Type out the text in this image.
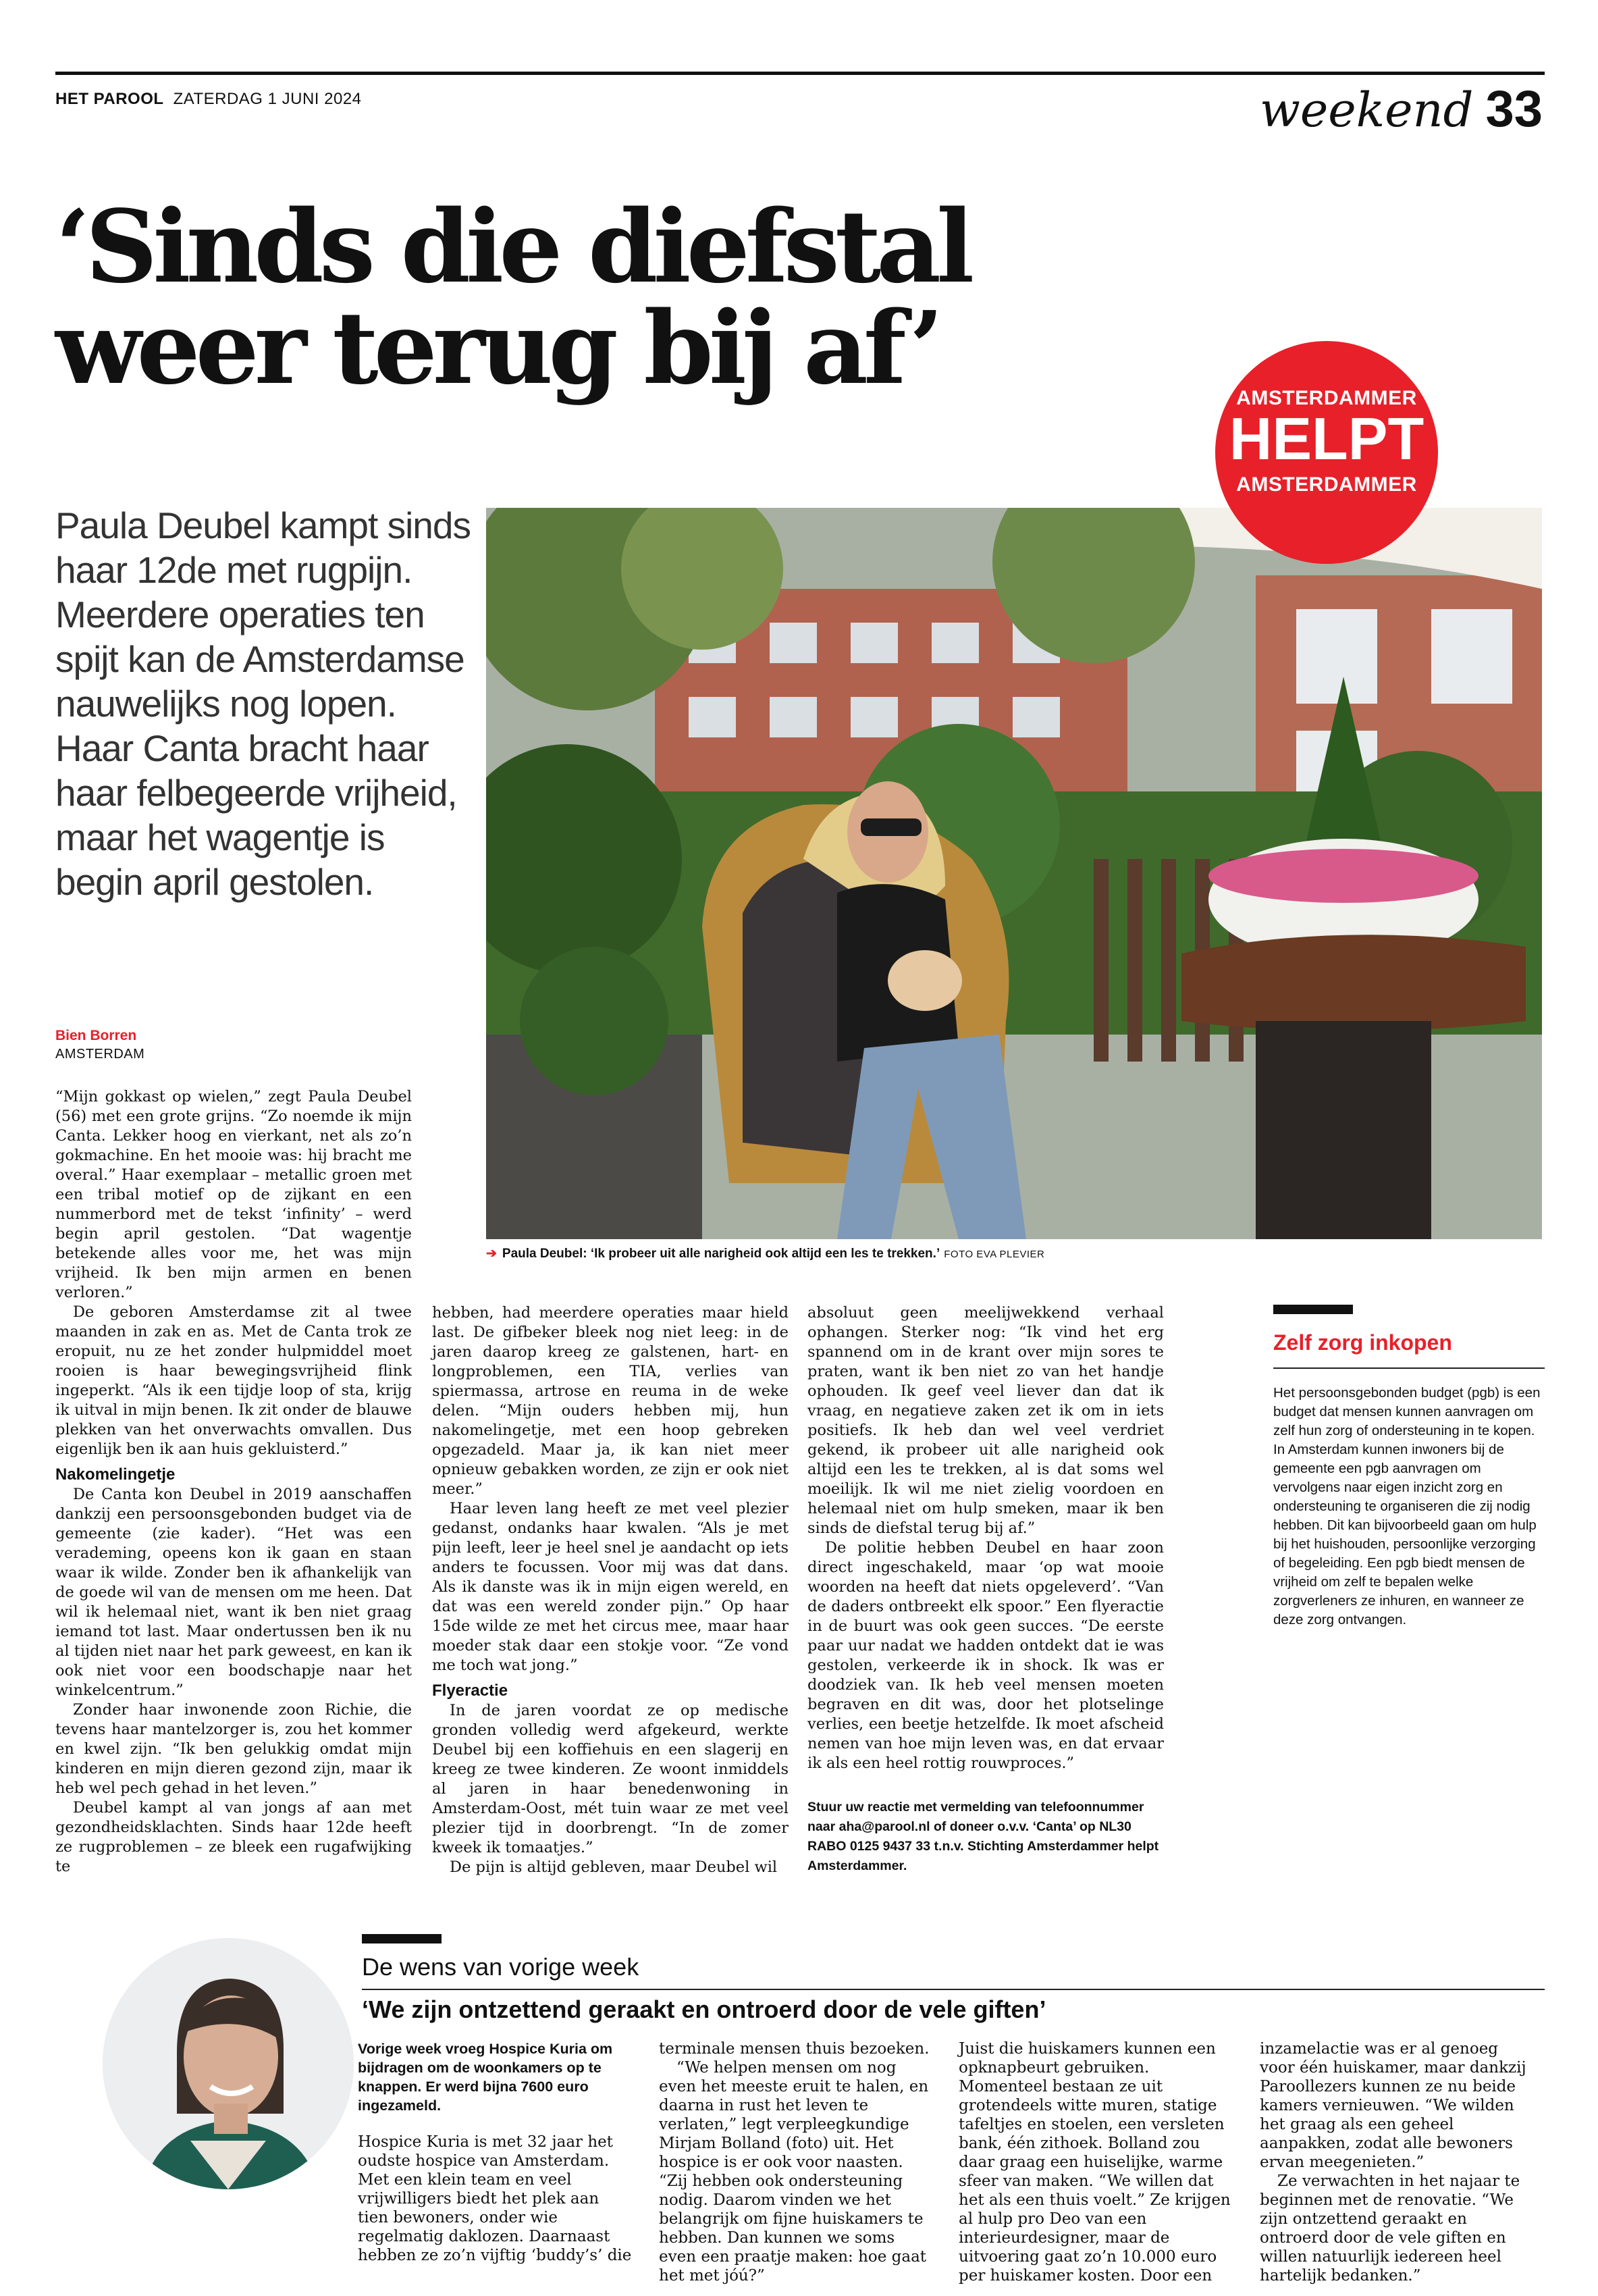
HET PAROOL ZATERDAG 1 JUNI 2024	weekend 33
‘Sinds die diefstal
weer terug bij af’	AMSTERDAMMER
HELPT
AMSTERDAMMER
Paula Deubel kampt sinds haar 12de met rugpijn. Meerdere operaties ten spijt kan de Amsterdamse nauwelijks nog lopen. Haar Canta bracht haar haar felbegeerde vrijheid, maar het wagentje is begin april gestolen.
Bien Borren
AMSTERDAM
➔ Paula Deubel: ‘Ik probeer uit alle narigheid ook altijd een les te trekken.’ FOTO EVA PLEVIER

“Mijn gokkast op wielen,” zegt Paula Deubel (56) met een grote grijns. “Zo noemde ik mijn Canta. Lekker hoog en vierkant, net als zo’n gokmachine. En het mooie was: hij bracht me overal.” Haar exemplaar – metallic groen met een tribal motief op de zijkant en een nummerbord met de tekst ‘infinity’ – werd begin april gestolen. “Dat wagentje betekende alles voor me, het was mijn vrijheid. Ik ben mijn armen en benen verloren.”

De geboren Amsterdamse zit al twee maanden in zak en as. Met de Canta trok ze eropuit, nu ze het zonder hulpmiddel moet rooien is haar bewegingsvrijheid flink ingeperkt. “Als ik een tijdje loop of sta, krijg ik uitval in mijn benen. Ik zit onder de blauwe plekken van het onverwachts omvallen. Dus eigenlijk ben ik aan huis gekluisterd.”

Nakomelingetje

De Canta kon Deubel in 2019 aanschaffen dankzij een persoonsgebonden budget via de gemeente (zie kader). “Het was een verademing, opeens kon ik gaan en staan waar ik wilde. Zonder ben ik afhankelijk van de goede wil van de mensen om me heen. Dat wil ik helemaal niet, want ik ben niet graag iemand tot last. Maar ondertussen ben ik nu al tijden niet naar het park geweest, en kan ik ook niet voor een boodschapje naar het winkelcentrum.”

Zonder haar inwonende zoon Richie, die tevens haar mantelzorger is, zou het kommer en kwel zijn. “Ik ben gelukkig omdat mijn kinderen en mijn dieren gezond zijn, maar ik heb wel pech gehad in het leven.”

Deubel kampt al van jongs af aan met gezondheidsklachten. Sinds haar 12de heeft ze rugproblemen – ze bleek een rugafwijking te

hebben, had meerdere operaties maar hield last. De gifbeker bleek nog niet leeg: in de jaren daarop kreeg ze galstenen, hart- en longproblemen, een TIA, verlies van spiermassa, artrose en reuma in de weke delen. “Mijn ouders hebben mij, hun nakomelingetje, met een hoop gebreken opgezadeld. Maar ja, ik kan niet meer opnieuw gebakken worden, ze zijn er ook niet meer.”

Haar leven lang heeft ze met veel plezier gedanst, ondanks haar kwalen. “Als je met pijn leeft, leer je heel snel je aandacht op iets anders te focussen. Voor mij was dat dans. Als ik danste was ik in mijn eigen wereld, en dat was een wereld zonder pijn.” Op haar 15de wilde ze met het circus mee, maar haar moeder stak daar een stokje voor. “Ze vond me toch wat jong.”

Flyeractie

In de jaren voordat ze op medische gronden volledig werd afgekeurd, werkte Deubel bij een koffiehuis en een slagerij en kreeg ze twee kinderen. Ze woont inmiddels al jaren in haar benedenwoning in Amsterdam-Oost, mét tuin waar ze met veel plezier tijd in doorbrengt. “In de zomer kweek ik tomaatjes.”

De pijn is altijd gebleven, maar Deubel wil

absoluut geen meelijwekkend verhaal ophangen. Sterker nog: “Ik vind het erg spannend om in de krant over mijn sores te praten, want ik ben niet zo van het handje ophouden. Ik geef veel liever dan dat ik vraag, en negatieve zaken zet ik om in iets positiefs. Ik heb dan wel veel verdriet gekend, ik probeer uit alle narigheid ook altijd een les te trekken, al is dat soms wel moeilijk. Ik wil me niet zielig voordoen en helemaal niet om hulp smeken, maar ik ben sinds de diefstal terug bij af.”

De politie hebben Deubel en haar zoon direct ingeschakeld, maar ‘op wat mooie woorden na heeft dat niets opgeleverd’. “Van de daders ontbreekt elk spoor.” Een flyeractie in de buurt was ook geen succes. “De eerste paar uur nadat we hadden ontdekt dat ie was gestolen, verkeerde ik in shock. Ik was er doodziek van. Ik heb veel mensen moeten begraven en dit was, door het plotselinge verlies, een beetje hetzelfde. Ik moet afscheid nemen van hoe mijn leven was, en dat ervaar ik als een heel rottig rouwproces.”

Stuur uw reactie met vermelding van telefoonnummer naar aha@parool.nl of doneer o.v.v. ‘Canta’ op NL30 RABO 0125 9437 33 t.n.v. Stichting Amsterdammer helpt Amsterdammer.

Zelf zorg inkopen

Het persoonsgebonden budget (pgb) is een budget dat mensen kunnen aanvragen om zelf hun zorg of ondersteuning in te kopen. In Amsterdam kunnen inwoners bij de gemeente een pgb aanvragen om vervolgens naar eigen inzicht zorg en ondersteuning te organiseren die zij nodig hebben. Dit kan bijvoorbeeld gaan om hulp bij het huishouden, persoonlijke verzorging of begeleiding. Een pgb biedt mensen de vrijheid om zelf te bepalen welke zorgverleners ze inhuren, en wanneer ze deze zorg ontvangen.

De wens van vorige week
‘We zijn ontzettend geraakt en ontroerd door de vele giften’

Vorige week vroeg Hospice Kuria om bijdragen om de woonkamers op te knappen. Er werd bijna 7600 euro ingezameld.

Hospice Kuria is met 32 jaar het oudste hospice van Amsterdam. Met een klein team en veel vrijwilligers biedt het plek aan tien bewoners, onder wie regelmatig daklozen. Daarnaast hebben ze zo’n vijftig ‘buddy’s’ die

terminale mensen thuis bezoeken.

“We helpen mensen om nog even het meeste eruit te halen, en daarna in rust het leven te verlaten,” legt verpleegkundige Mirjam Bolland (foto) uit. Het hospice is er ook voor naasten. “Zij hebben ook ondersteuning nodig. Daarom vinden we het belangrijk om fijne huiskamers te hebben. Dan kunnen we soms even een praatje maken: hoe gaat het met jóú?”

Juist die huiskamers kunnen een opknapbeurt gebruiken. Momenteel bestaan ze uit grotendeels witte muren, statige tafeltjes en stoelen, een versleten bank, één zithoek. Bolland zou daar graag een huiselijke, warme sfeer van maken. “We willen dat het als een thuis voelt.” Ze krijgen al hulp pro Deo van een interieurdesigner, maar de uitvoering gaat zo’n 10.000 euro per huiskamer kosten. Door een

inzamelactie was er al genoeg voor één huiskamer, maar dankzij Paroollezers kunnen ze nu beide kamers vernieuwen. “We wilden het graag als een geheel aanpakken, zodat alle bewoners ervan meegenieten.”

Ze verwachten in het najaar te beginnen met de renovatie. “We zijn ontzettend geraakt en ontroerd door de vele giften en willen natuurlijk iedereen heel hartelijk bedanken.”
